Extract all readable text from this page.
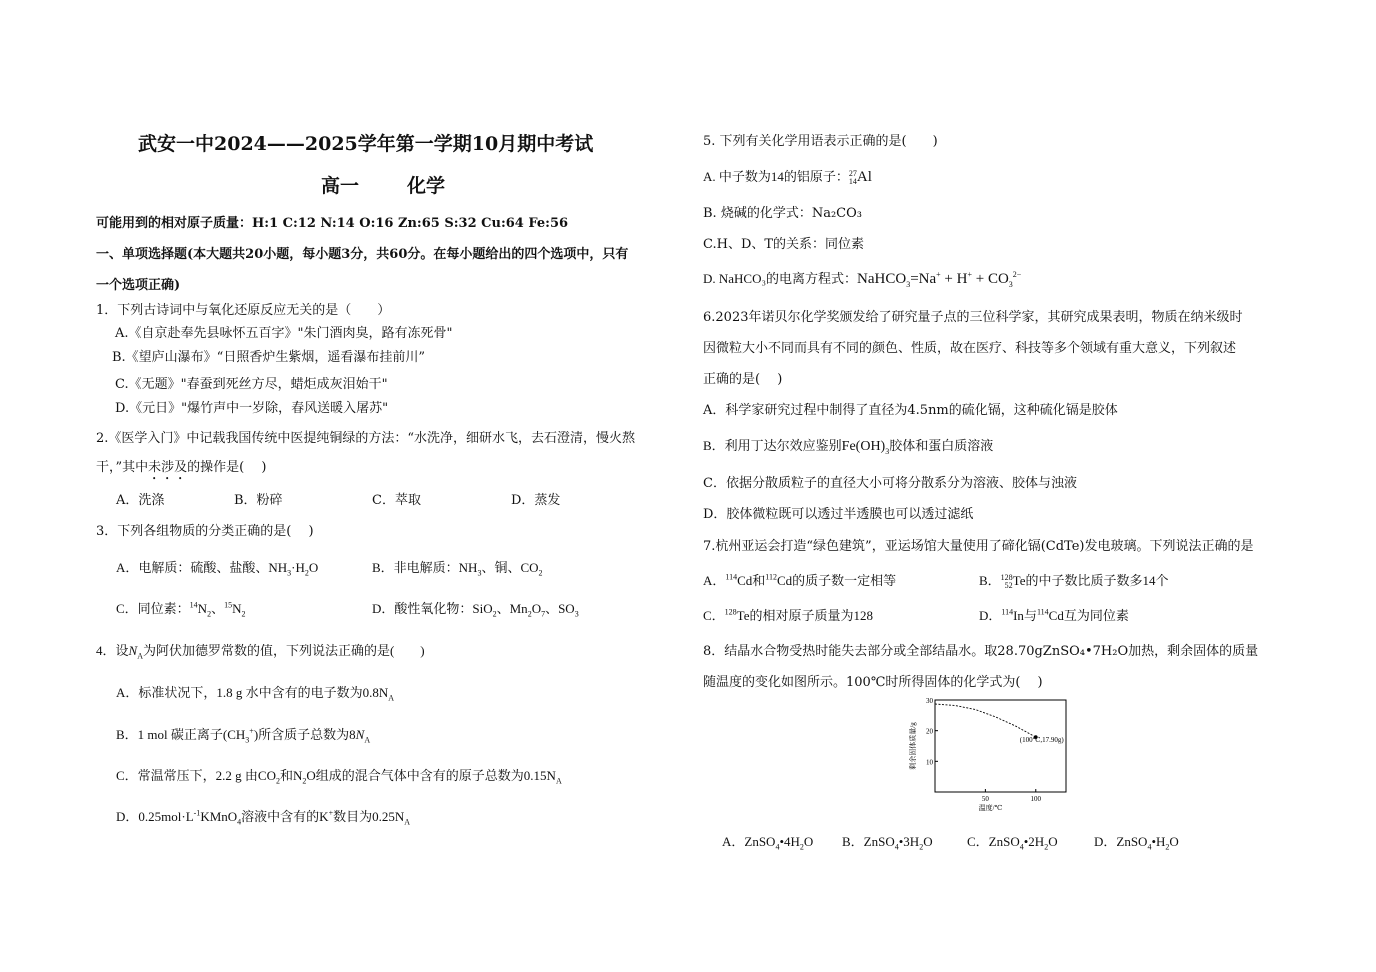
武安一中2024——2025学年第一学期10月期中考试
高一	化学
可能用到的相对原子质量：H:1 C:12 N:14 O:16 Zn:65 S:32 Cu:64 Fe:56
一、单项选择题(本大题共20小题，每小题3分，共60分。在每小题给出的四个选项中，只有
一个选项正确)
1．下列古诗词中与氧化还原反应无关的是（　　）
A.《自京赴奉先县咏怀五百字》"朱门酒肉臭，路有冻死骨"
B.《望庐山瀑布》“日照香炉生紫烟，遥看瀑布挂前川”
C.《无题》"春蚕到死丝方尽，蜡炬成灰泪始干"
D.《元日》"爆竹声中一岁除，春风送暖入屠苏"
2.《医学入门》中记载我国传统中医提纯铜绿的方法：“水洗净，细研水飞，去石澄清，慢火熬
干，”其中未涉及的操作是(　 )
A．洗涤	B．粉碎	C．萃取	D．蒸发
3．下列各组物质的分类正确的是(　 )
A．电解质：硫酸、盐酸、$NH_3\cdot H_2O$	B．非电解质：$NH_3$、铜、$CO_2$
C．同位素：$^{14}N_2$、$^{15}N_2$	D．酸性氧化物：SiO$_2$、$Mn_2O_7$、$SO_3$
4．设$N_A$为阿伏加德罗常数的值，下列说法正确的是(　　)
A．标准状况下，1.8 g 水中含有的电子数为$0.8N_A$
B．1 mol 碳正离子$(CH_3^+)$所含质子总数为$8N_A$
C．常温常压下，2.2 g 由$CO_2$和$N_2O$组成的混合气体中含有的原子总数为$0.15N_A$
D．$0.25mol\cdot L^{-1}KMnO_4$溶液中含有的K+数目为$0.25N_A$
5. 下列有关化学用语表示正确的是(　　)
A. 中子数为14的铝原子：27
14Al
B. 烧碱的化学式：Na₂CO₃
C.H、D、T的关系：同位素
D. NaHCO₃的电离方程式：NaHCO$_3$=Na+ + $H^+ + CO_3^{2-}$
6.2023年诺贝尔化学奖颁发给了研究量子点的三位科学家，其研究成果表明，物质在纳米级时
因微粒大小不同而具有不同的颜色、性质，故在医疗、科技等多个领域有重大意义，下列叙述
正确的是(　 )
A．科学家研究过程中制得了直径为4.5nm的硫化镉，这种硫化镉是胶体
B．利用丁达尔效应鉴别$Fe(OH)_3$胶体和蛋白质溶液
C．依据分散质粒子的直径大小可将分散系分为溶液、胶体与浊液
D．胶体微粒既可以透过半透膜也可以透过滤纸
7.杭州亚运会打造“绿色建筑”，亚运场馆大量使用了碲化镉(CdTe)发电玻璃。下列说法正确的是
A．$^{114}$Cd和$^{112}$Cd的质子数一定相等	B．128
52Te的中子数比质子数多14个
C．$^{128}$Te的相对原子质量为128	D．$^{114}$In与$^{114}$Cd互为同位素
8．结晶水合物受热时能失去部分或全部结晶水。取28.70gZnSO₄•7H₂O加热，剩余固体的质量
随温度的变化如图所示。100℃时所得固体的化学式为(　 )
10
20
30
50	100
(100℃,17.90g)
剩余固体质量/g
温度/℃
A．$ZnSO_4•4H_2O$ B．$ZnSO_4•3H_2O$	C．$ZnSO_4•2H_2O$	D．$ZnSO_4•H_2O$
